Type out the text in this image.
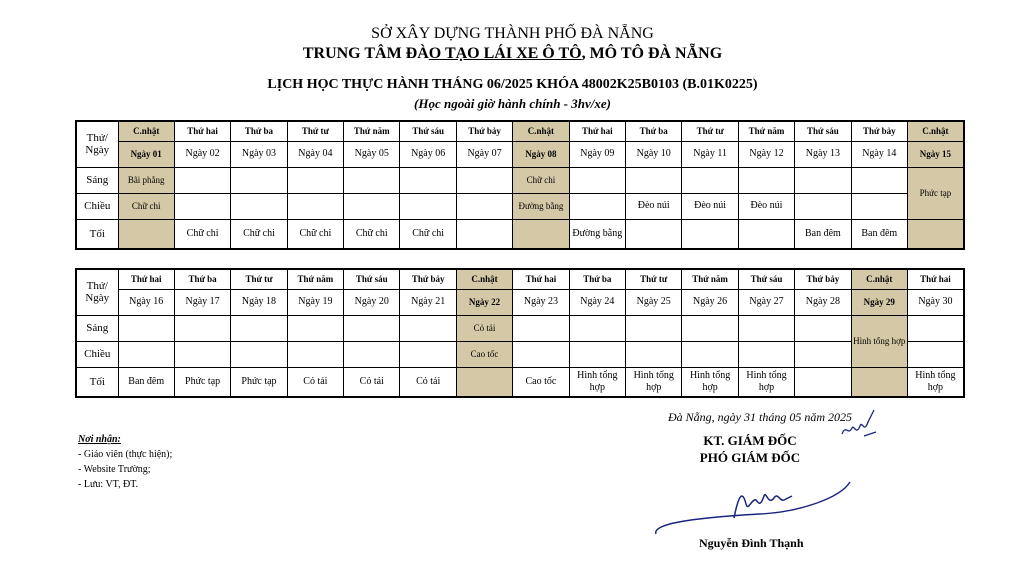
SỞ XÂY DỰNG THÀNH PHỐ ĐÀ NẴNG
TRUNG TÂM ĐÀO TẠO LÁI XE Ô TÔ, MÔ TÔ ĐÀ NẴNG
LỊCH HỌC THỰC HÀNH THÁNG 06/2025 KHÓA 48002K25B0103 (B.01K0225)
(Học ngoài giờ hành chính - 3hv/xe)
Thứ/
Ngày	C.nhật	Thứ hai	Thứ ba	Thứ tư	Thứ năm	Thứ sáu	Thứ bảy	C.nhật	Thứ hai	Thứ ba	Thứ tư	Thứ năm	Thứ sáu	Thứ bảy	C.nhật
	Ngày 01	Ngày 02	Ngày 03	Ngày 04	Ngày 05	Ngày 06	Ngày 07	Ngày 08	Ngày 09	Ngày 10	Ngày 11	Ngày 12	Ngày 13	Ngày 14	Ngày 15
Sáng	Bãi phẳng							Chữ chi							Phức tạp
Chiều	Chữ chi							Đường bằng		Đèo núi	Đèo núi	Đèo núi			
Tối		Chữ chi	Chữ chi	Chữ chi	Chữ chi	Chữ chi			Đường bằng				Ban đêm	Ban đêm	
Thứ/
Ngày	Thứ hai	Thứ ba	Thứ tư	Thứ năm	Thứ sáu	Thứ bảy	C.nhật	Thứ hai	Thứ ba	Thứ tư	Thứ năm	Thứ sáu	Thứ bảy	C.nhật	Thứ hai
	Ngày 16	Ngày 17	Ngày 18	Ngày 19	Ngày 20	Ngày 21	Ngày 22	Ngày 23	Ngày 24	Ngày 25	Ngày 26	Ngày 27	Ngày 28	Ngày 29	Ngày 30
Sáng							Cỏ tải							Hình tổng hợp	
Chiều							Cao tốc								
Tối	Ban đêm	Phức tạp	Phức tạp	Cỏ tải	Cỏ tải	Cỏ tải		Cao tốc	Hình tổng hợp	Hình tổng hợp	Hình tổng hợp	Hình tổng hợp			Hình tổng hợp
Đà Nẵng, ngày 31 tháng 05 năm 2025
Nơi nhận:
- Giáo viên (thực hiện);
- Website Trường;
- Lưu: VT, ĐT.
KT. GIÁM ĐỐC
PHÓ GIÁM ĐỐC
Nguyễn Đình Thạnh
